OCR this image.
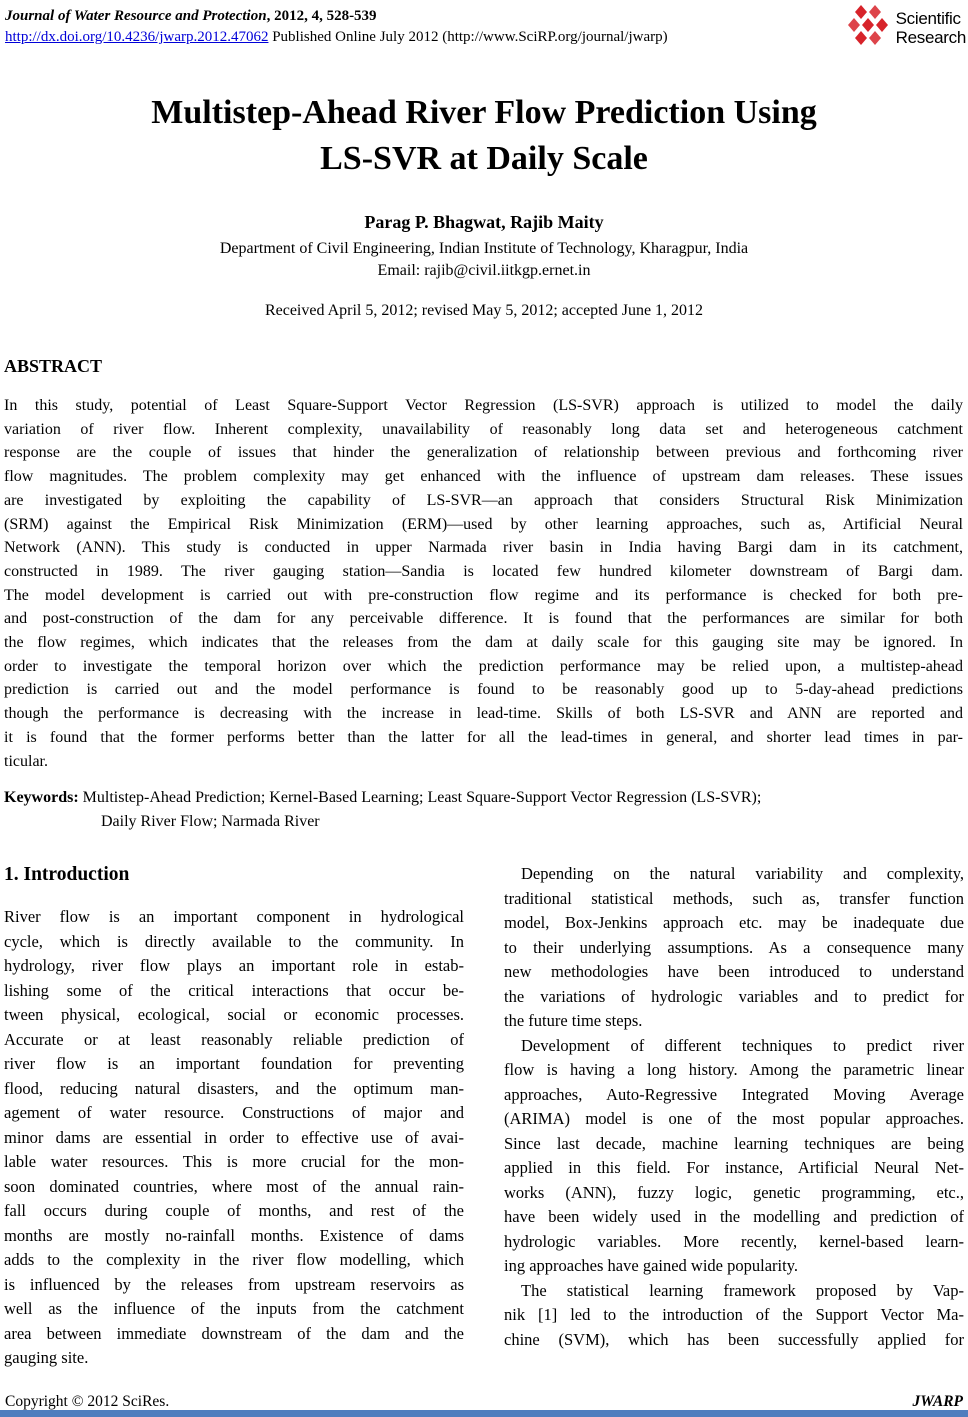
Journal of Water Resource and Protection, 2012, 4, 528-539
http://dx.doi.org/10.4236/jwarp.2012.47062 Published Online July 2012 (http://www.SciRP.org/journal/jwarp)
Scientific
Research
Multistep-Ahead River Flow Prediction Using
LS-SVR at Daily Scale
Parag P. Bhagwat, Rajib Maity
Department of Civil Engineering, Indian Institute of Technology, Kharagpur, India
Email: rajib@civil.iitkgp.ernet.in
Received April 5, 2012; revised May 5, 2012; accepted June 1, 2012
ABSTRACT
In this study, potential of Least Square-Support Vector Regression (LS-SVR) approach is utilized to model the daily
variation of river flow. Inherent complexity, unavailability of reasonably long data set and heterogeneous catchment
response are the couple of issues that hinder the generalization of relationship between previous and forthcoming river
flow magnitudes. The problem complexity may get enhanced with the influence of upstream dam releases. These issues
are investigated by exploiting the capability of LS-SVR—an approach that considers Structural Risk Minimization
(SRM) against the Empirical Risk Minimization (ERM)—used by other learning approaches, such as, Artificial Neural
Network (ANN). This study is conducted in upper Narmada river basin in India having Bargi dam in its catchment,
constructed in 1989. The river gauging station—Sandia is located few hundred kilometer downstream of Bargi dam.
The model development is carried out with pre-construction flow regime and its performance is checked for both pre-
and post-construction of the dam for any perceivable difference. It is found that the performances are similar for both
the flow regimes, which indicates that the releases from the dam at daily scale for this gauging site may be ignored. In
order to investigate the temporal horizon over which the prediction performance may be relied upon, a multistep-ahead
prediction is carried out and the model performance is found to be reasonably good up to 5-day-ahead predictions
though the performance is decreasing with the increase in lead-time. Skills of both LS-SVR and ANN are reported and
it is found that the former performs better than the latter for all the lead-times in general, and shorter lead times in par-
ticular.
Keywords: Multistep-Ahead Prediction; Kernel-Based Learning; Least Square-Support Vector Regression (LS-SVR);
Daily River Flow; Narmada River
1. Introduction
River flow is an important component in hydrological
cycle, which is directly available to the community. In
hydrology, river flow plays an important role in estab-
lishing some of the critical interactions that occur be-
tween physical, ecological, social or economic processes.
Accurate or at least reasonably reliable prediction of
river flow is an important foundation for preventing
flood, reducing natural disasters, and the optimum man-
agement of water resource. Constructions of major and
minor dams are essential in order to effective use of avai-
lable water resources. This is more crucial for the mon-
soon dominated countries, where most of the annual rain-
fall occurs during couple of months, and rest of the
months are mostly no-rainfall months. Existence of dams
adds to the complexity in the river flow modelling, which
is influenced by the releases from upstream reservoirs as
well as the influence of the inputs from the catchment
area between immediate downstream of the dam and the
gauging site.
Depending on the natural variability and complexity,
traditional statistical methods, such as, transfer function
model, Box-Jenkins approach etc. may be inadequate due
to their underlying assumptions. As a consequence many
new methodologies have been introduced to understand
the variations of hydrologic variables and to predict for
the future time steps.
Development of different techniques to predict river
flow is having a long history. Among the parametric linear
approaches, Auto-Regressive Integrated Moving Average
(ARIMA) model is one of the most popular approaches.
Since last decade, machine learning techniques are being
applied in this field. For instance, Artificial Neural Net-
works (ANN), fuzzy logic, genetic programming, etc.,
have been widely used in the modelling and prediction of
hydrologic variables. More recently, kernel-based learn-
ing approaches have gained wide popularity.
The statistical learning framework proposed by Vap-
nik [1] led to the introduction of the Support Vector Ma-
chine (SVM), which has been successfully applied for
Copyright © 2012 SciRes.	JWARP
